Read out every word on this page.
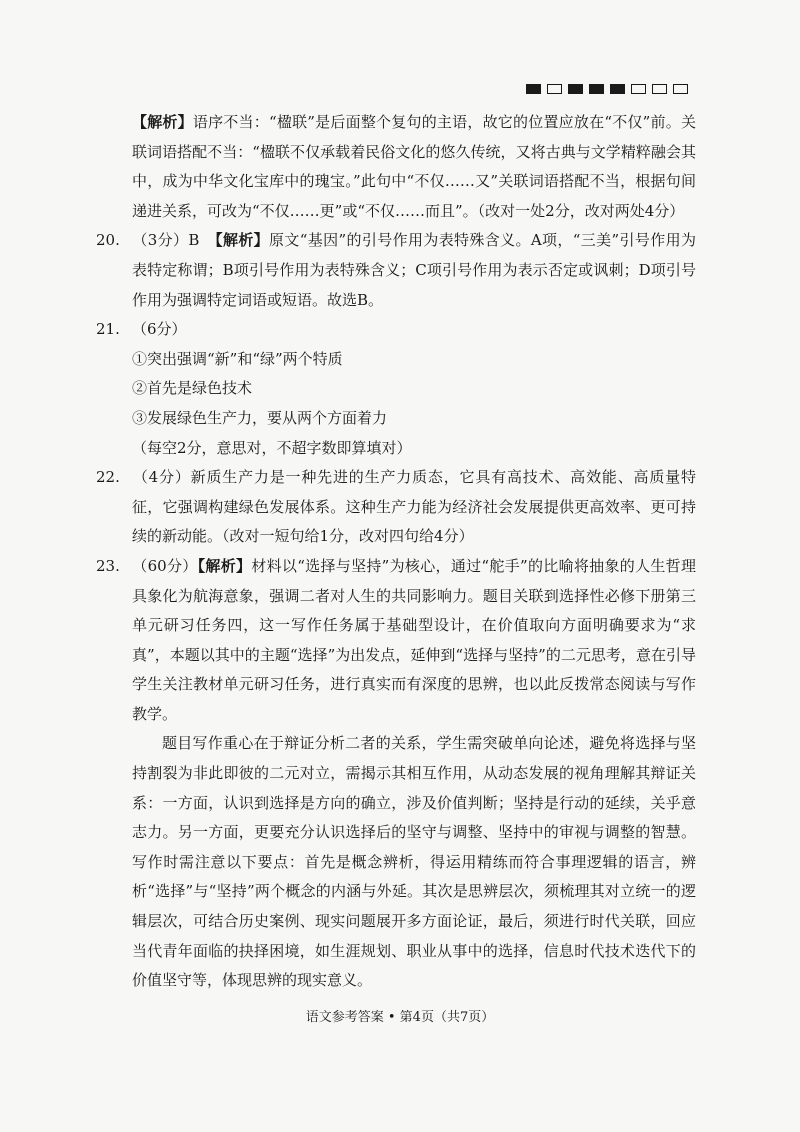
【解析】语序不当：“楹联”是后面整个复句的主语，故它的位置应放在“不仅”前。关联词语搭配不当：“楹联不仅承载着民俗文化的悠久传统，又将古典与文学精粹融会其中，成为中华文化宝库中的瑰宝。”此句中“不仅……又”关联词语搭配不当，根据句间递进关系，可改为“不仅……更”或“不仅……而且”。（改对一处2分，改对两处4分）

20. （3分）B　【解析】原文“基因”的引号作用为表特殊含义。A项，“三美”引号作用为表特定称谓；B项引号作用为表特殊含义；C项引号作用为表示否定或讽刺；D项引号作用为强调特定词语或短语。故选B。

21. （6分）

①突出强调“新”和“绿”两个特质

②首先是绿色技术

③发展绿色生产力，要从两个方面着力

（每空2分，意思对，不超字数即算填对）

22. （4分）新质生产力是一种先进的生产力质态，它具有高技术、高效能、高质量特征，它强调构建绿色发展体系。这种生产力能为经济社会发展提供更高效率、更可持续的新动能。（改对一短句给1分，改对四句给4分）

23. （60分）【解析】材料以“选择与坚持”为核心，通过“舵手”的比喻将抽象的人生哲理具象化为航海意象，强调二者对人生的共同影响力。题目关联到选择性必修下册第三单元研习任务四，这一写作任务属于基础型设计，在价值取向方面明确要求为“求真”，本题以其中的主题“选择”为出发点，延伸到“选择与坚持”的二元思考，意在引导学生关注教材单元研习任务，进行真实而有深度的思辨，也以此反拨常态阅读与写作教学。

题目写作重心在于辩证分析二者的关系，学生需突破单向论述，避免将选择与坚持割裂为非此即彼的二元对立，需揭示其相互作用，从动态发展的视角理解其辩证关系：一方面，认识到选择是方向的确立，涉及价值判断；坚持是行动的延续，关乎意志力。另一方面，更要充分认识选择后的坚守与调整、坚持中的审视与调整的智慧。写作时需注意以下要点：首先是概念辨析，得运用精练而符合事理逻辑的语言，辨析“选择”与“坚持”两个概念的内涵与外延。其次是思辨层次，须梳理其对立统一的逻辑层次，可结合历史案例、现实问题展开多方面论证，最后，须进行时代关联，回应当代青年面临的抉择困境，如生涯规划、职业从事中的选择，信息时代技术迭代下的价值坚守等，体现思辨的现实意义。

语文参考答案 • 第4页（共7页）
